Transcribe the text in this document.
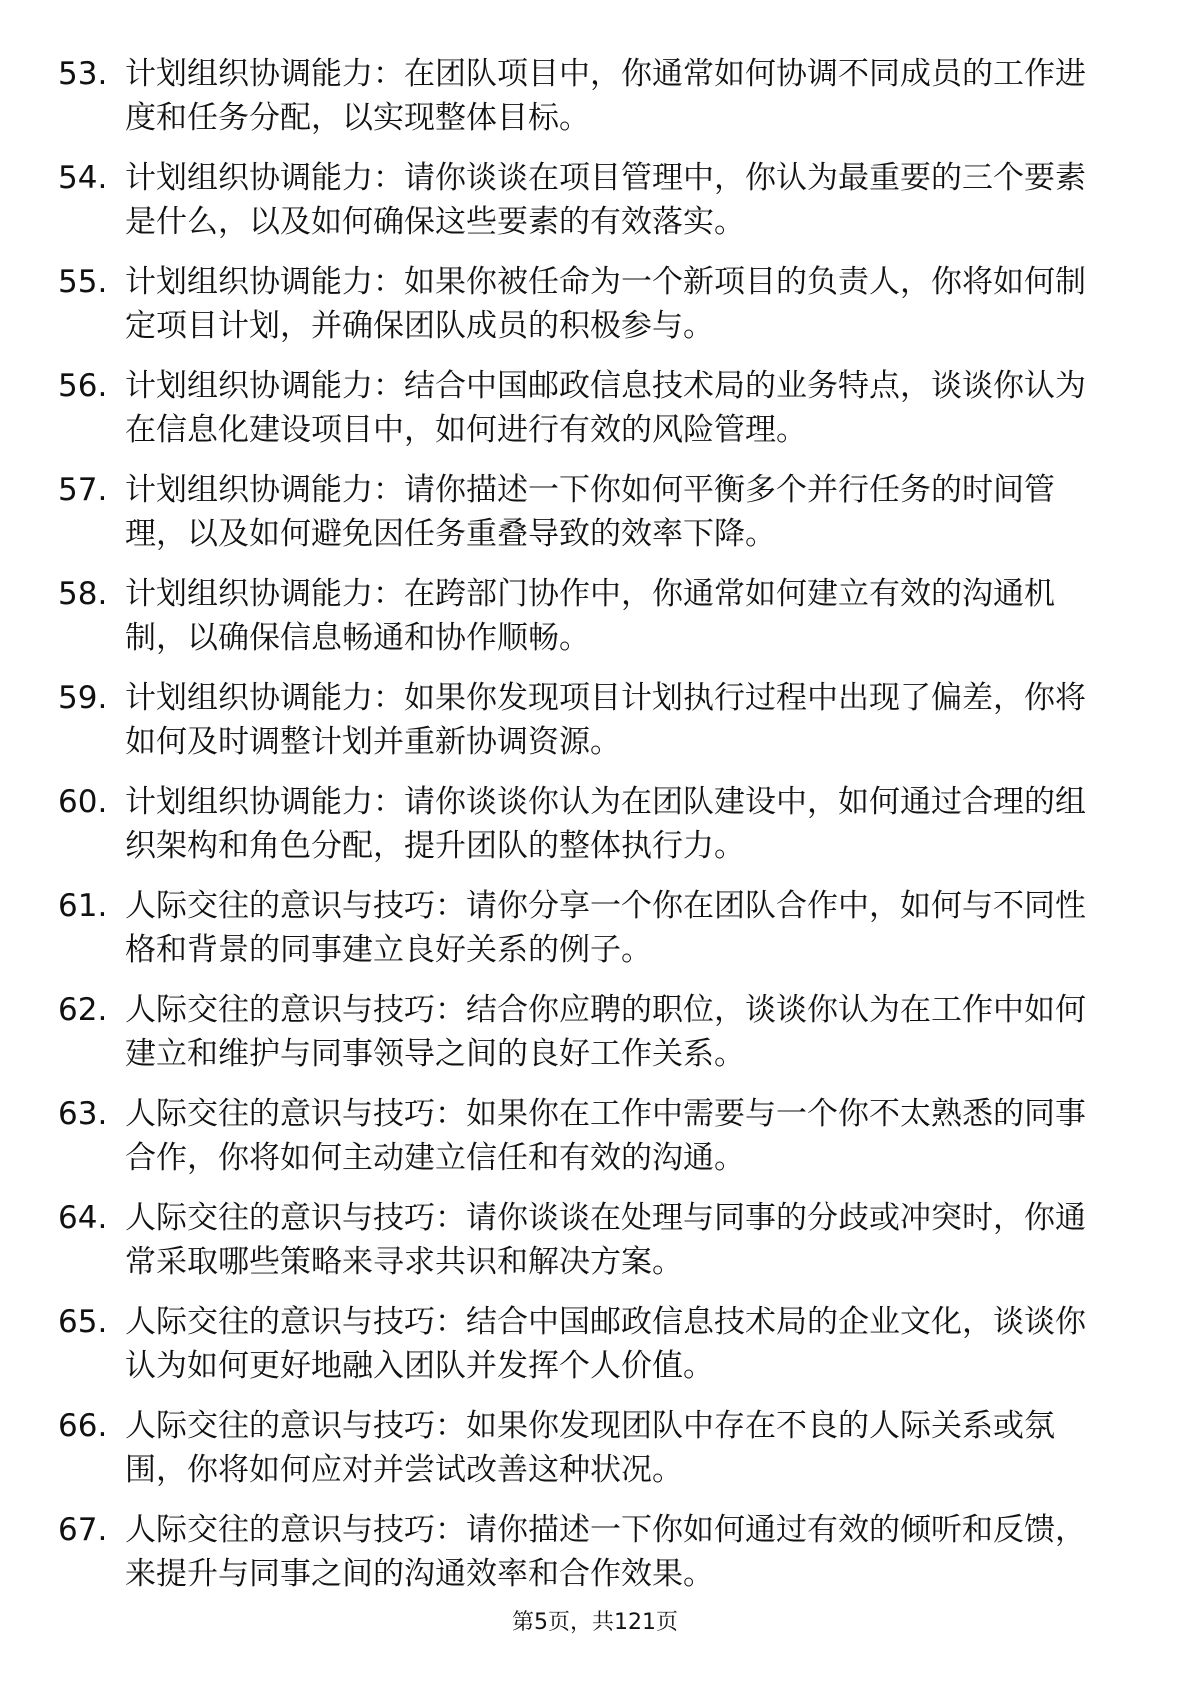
53. 计划组织协调能力：在团队项目中，你通常如何协调不同成员的工作进度和任务分配，以实现整体目标。
54. 计划组织协调能力：请你谈谈在项目管理中，你认为最重要的三个要素是什么，以及如何确保这些要素的有效落实。
55. 计划组织协调能力：如果你被任命为一个新项目的负责人，你将如何制定项目计划，并确保团队成员的积极参与。
56. 计划组织协调能力：结合中国邮政信息技术局的业务特点，谈谈你认为在信息化建设项目中，如何进行有效的风险管理。
57. 计划组织协调能力：请你描述一下你如何平衡多个并行任务的时间管理，以及如何避免因任务重叠导致的效率下降。
58. 计划组织协调能力：在跨部门协作中，你通常如何建立有效的沟通机制，以确保信息畅通和协作顺畅。
59. 计划组织协调能力：如果你发现项目计划执行过程中出现了偏差，你将如何及时调整计划并重新协调资源。
60. 计划组织协调能力：请你谈谈你认为在团队建设中，如何通过合理的组织架构和角色分配，提升团队的整体执行力。
61. 人际交往的意识与技巧：请你分享一个你在团队合作中，如何与不同性格和背景的同事建立良好关系的例子。
62. 人际交往的意识与技巧：结合你应聘的职位，谈谈你认为在工作中如何建立和维护与同事领导之间的良好工作关系。
63. 人际交往的意识与技巧：如果你在工作中需要与一个你不太熟悉的同事合作，你将如何主动建立信任和有效的沟通。
64. 人际交往的意识与技巧：请你谈谈在处理与同事的分歧或冲突时，你通常采取哪些策略来寻求共识和解决方案。
65. 人际交往的意识与技巧：结合中国邮政信息技术局的企业文化，谈谈你认为如何更好地融入团队并发挥个人价值。
66. 人际交往的意识与技巧：如果你发现团队中存在不良的人际关系或氛围，你将如何应对并尝试改善这种状况。
67. 人际交往的意识与技巧：请你描述一下你如何通过有效的倾听和反馈，来提升与同事之间的沟通效率和合作效果。
第5页，共121页
